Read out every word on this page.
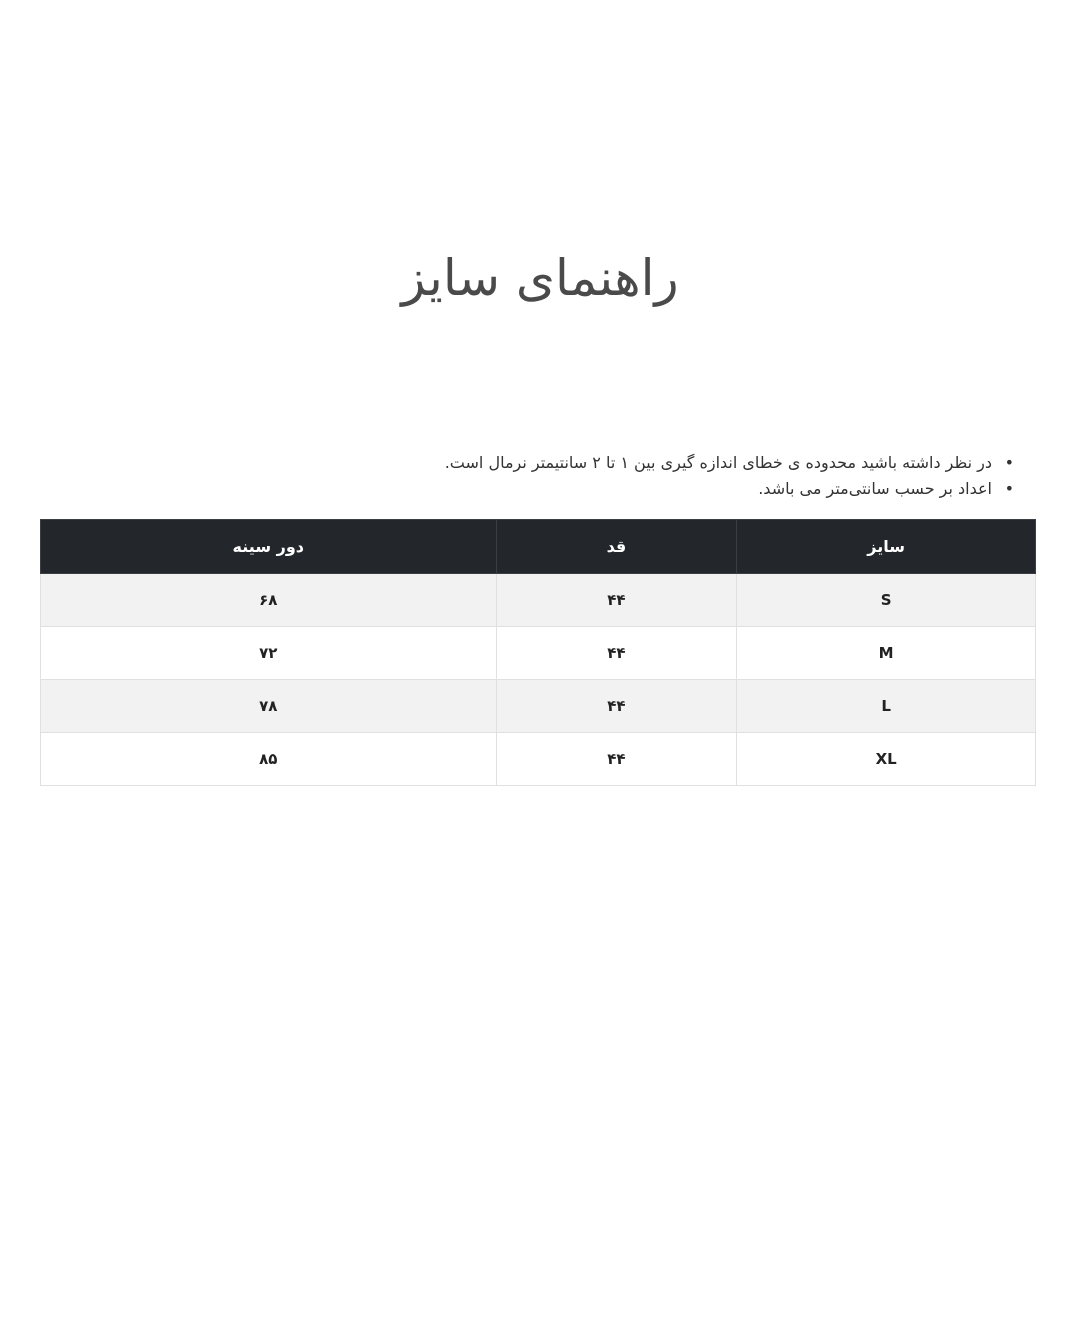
راهنمای سایز
•
در نظر داشته باشید محدوده ی خطای اندازه گیری بین ۱ تا ۲ سانتیمتر نرمال است.
•
اعداد بر حسب سانتی‌متر می باشد.
سایز	قد	دور سینه
S	۴۴	۶۸
M	۴۴	۷۲
L	۴۴	۷۸
XL	۴۴	۸۵
